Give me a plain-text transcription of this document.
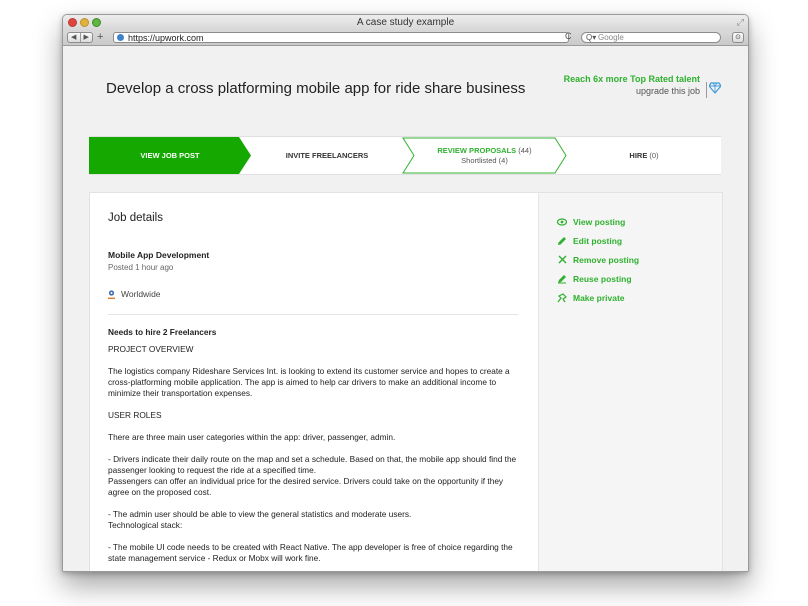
A case study example	⤢
◀	▶ +	https://upwork.com	C Q▾ Google	⊙
Develop a cross platforming mobile app for ride share business
Reach 6x more Top Rated talent
upgrade this job
VIEW JOB POST	INVITE FREELANCERS
REVIEW PROPOSALS (44)
Shortlisted (4)
HIRE (0)
Job details
Mobile App Development
Posted 1 hour ago
Worldwide
Needs to hire 2 Freelancers

PROJECT OVERVIEW

The logistics company Rideshare Services Int. is looking to extend its customer service and hopes to create a cross-platforming mobile application. The app is aimed to help car drivers to make an additional income to minimize their transportation expenses.

USER ROLES

There are three main user categories within the app: driver, passenger, admin.

- Drivers indicate their daily route on the map and set a schedule. Based on that, the mobile app should find the passenger looking to request the ride at a specified time.

Passengers can offer an individual price for the desired service. Drivers could take on the opportunity if they agree on the proposed cost.

- The admin user should be able to view the general statistics and moderate users.

Technological stack:

- The mobile UI code needs to be created with React Native. The app developer is free of choice regarding the state management service - Redux or Mobx will work fine.

View posting
Edit posting
Remove posting
Reuse posting
Make private
